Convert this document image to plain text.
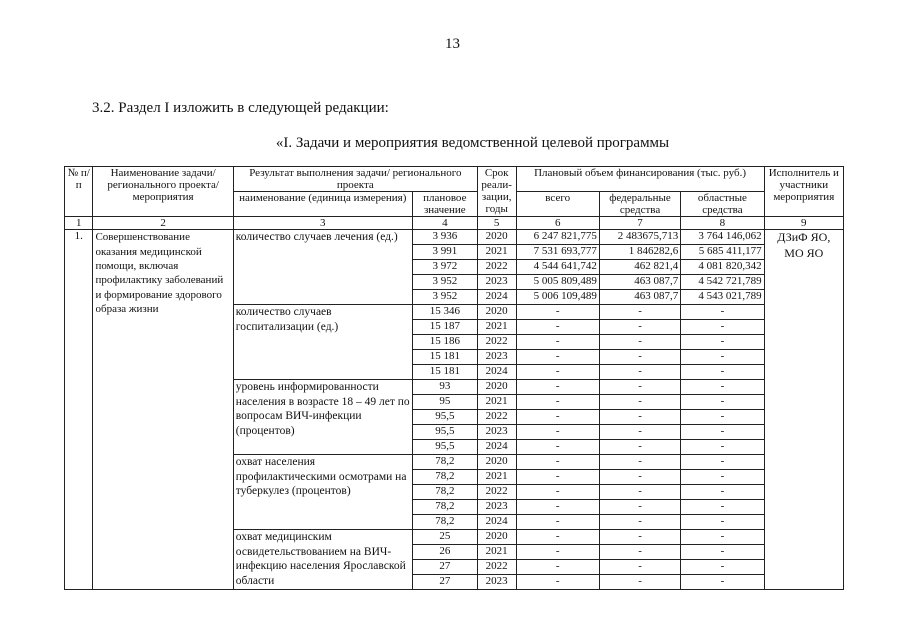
13
3.2. Раздел I изложить в следующей редакции:
«I. Задачи и мероприятия ведомственной целевой программы
№ п/п	Наименование задачи/ регионального проекта/ мероприятия	Результат выполнения задачи/ регионального проекта		Срок реали-зации, годы	Плановый объем финансирования (тыс. руб.)			Исполнитель и участники мероприятия
		наименование (единица измерения)	плановое значение		всего	федеральные средства	областные средства	
1	2	3	4	5	6	7	8	9
1.	Совершенствование оказания медицинской помощи, включая профилактику заболеваний и формирование здорового образа жизни	количество случаев лечения (ед.)	3 936	2020	6 247 821,775	2 483675,713	3 764 146,062	ДЗиФ ЯО, МО ЯО
			3 991	2021	7 531 693,777	1 846282,6	5 685 411,177	
			3 972	2022	4 544 641,742	462 821,4	4 081 820,342	
			3 952	2023	5 005 809,489	463 087,7	4 542 721,789	
			3 952	2024	5 006 109,489	463 087,7	4 543 021,789	
		количество случаев госпитализации (ед.)	15 346	2020	-	-	-	
			15 187	2021	-	-	-	
			15 186	2022	-	-	-	
			15 181	2023	-	-	-	
			15 181	2024	-	-	-	
		уровень информированности населения в возрасте 18 – 49 лет по вопросам ВИЧ-инфекции (процентов)	93	2020	-	-	-	
			95	2021	-	-	-	
			95,5	2022	-	-	-	
			95,5	2023	-	-	-	
			95,5	2024	-	-	-	
		охват населения профилактическими осмотрами на туберкулез (процентов)	78,2	2020	-	-	-	
			78,2	2021	-	-	-	
			78,2	2022	-	-	-	
			78,2	2023	-	-	-	
			78,2	2024	-	-	-	
		охват медицинским освидетельствованием на ВИЧ-инфекцию населения Ярославской области	25	2020	-	-	-	
			26	2021	-	-	-	
			27	2022	-	-	-	
			27	2023	-	-	-	
